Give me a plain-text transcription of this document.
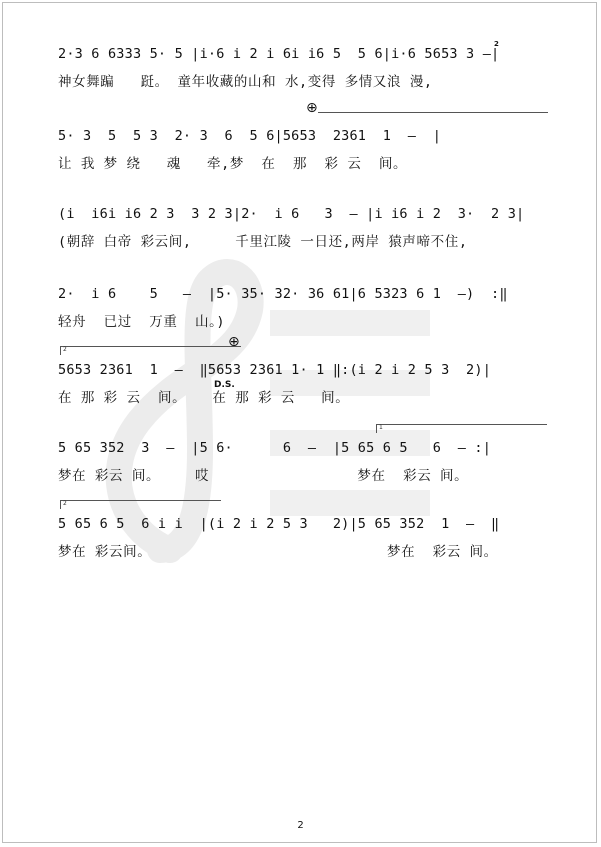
2·3 6 6333 5· 5 |i·6 i 2 i 6i i6 5  5 6|i·6 5653 3 –|
神女舞蹁   跹。 童年收藏的山和 水,变得 多情又浪 漫,
2
⊕
5· 3  5  5 3  2· 3  6  5 6|5653  2361  1  –  |
让 我 梦 绕   魂   牵,梦  在  那  彩 云  间。
(i  i6i i6 2 3  3 2 3|2·  i 6   3  – |i i6 i 2  3·  2 3|
(朝辞 白帝 彩云间,     千里江陵 一日还,两岸 猿声啼不住,
2·  i 6    5   –  |5· 35· 32· 36 61|6 5323 6 1  –)  :‖
轻舟  已过  万重  山。)
⊕
2
5653 2361  1  –  ‖5653 2361 1· 1 ‖:(i 2 i 2 5 3  2)|
在 那 彩 云  间。   在 那 彩 云   间。
D.S.
1
5 65 352  3  –  |5 6·      6  –  |5 65 6 5   6  – :|
梦在 彩云 间。    哎                 梦在  彩云 间。
2
5 65 6 5  6 i i  |(i 2 i 2 5 3   2)|5 65 352  1  –  ‖
梦在 彩云间。                           梦在  彩云 间。
2
